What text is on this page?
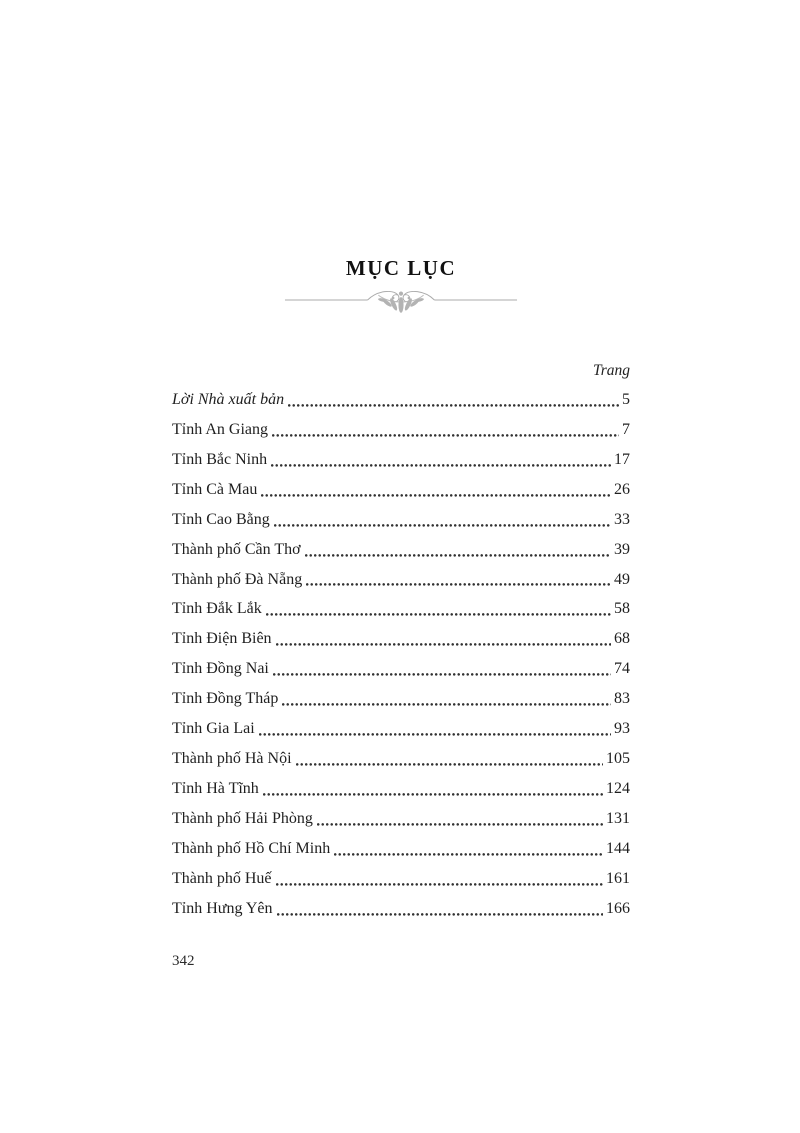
MỤC LỤC
Trang
Lời Nhà xuất bản	5
Tỉnh An Giang	7
Tỉnh Bắc Ninh	17
Tỉnh Cà Mau	26
Tỉnh Cao Bằng	33
Thành phố Cần Thơ	39
Thành phố Đà Nẵng	49
Tỉnh Đắk Lắk	58
Tỉnh Điện Biên	68
Tỉnh Đồng Nai	74
Tỉnh Đồng Tháp	83
Tỉnh Gia Lai	93
Thành phố Hà Nội	105
Tỉnh Hà Tĩnh	124
Thành phố Hải Phòng	131
Thành phố Hồ Chí Minh	144
Thành phố Huế	161
Tỉnh Hưng Yên	166
342
